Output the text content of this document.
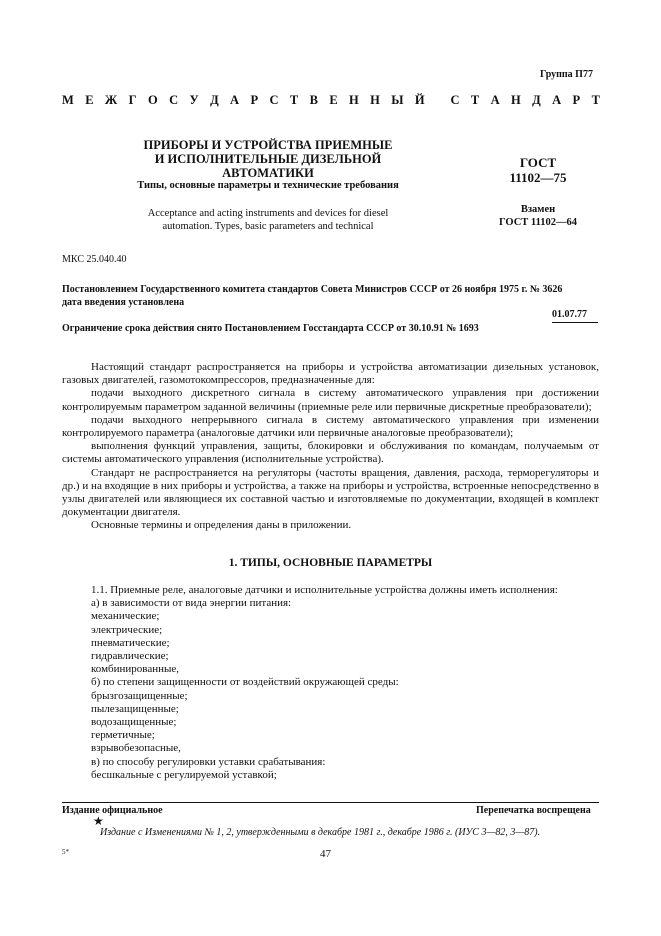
Группа П77
М Е Ж Г О С У Д А Р С Т В Е Н Н Ы Й
С Т А Н Д А Р Т
ПРИБОРЫ И УСТРОЙСТВА ПРИЕМНЫЕ
И ИСПОЛНИТЕЛЬНЫЕ ДИЗЕЛЬНОЙ АВТОМАТИКИ
Типы, основные параметры и технические требования
Acceptance and acting instruments and devices for diesel
automation. Types, basic parameters and technical
ГОСТ
11102—75
Взамен
ГОСТ 11102—64
МКС 25.040.40
Постановлением Государственного комитета стандартов Совета Министров СССР от 26 ноября 1975 г. № 3626
дата введения установлена
01.07.77
Ограничение срока действия снято Постановлением Госстандарта СССР от 30.10.91 № 1693

Настоящий стандарт распространяется на приборы и устройства автоматизации дизельных установок, газовых двигателей, газомотокомпрессоров, предназначенные для:

подачи выходного дискретного сигнала в систему автоматического управления при достижении контролируемым параметром заданной величины (приемные реле или первичные дискретные преобразователи);

подачи выходного непрерывного сигнала в систему автоматического управления при изменении контролируемого параметра (аналоговые датчики или первичные аналоговые преобразователи);

выполнения функций управления, защиты, блокировки и обслуживания по командам, получаемым от системы автоматического управления (исполнительные устройства).

Стандарт не распространяется на регуляторы (частоты вращения, давления, расхода, терморегуляторы и др.) и на входящие в них приборы и устройства, а также на приборы и устройства, встроенные непосредственно в узлы двигателей или являющиеся их составной частью и изготовляемые по документации, входящей в комплект документации двигателя.

Основные термины и определения даны в приложении.

1. ТИПЫ, ОСНОВНЫЕ ПАРАМЕТРЫ

1.1. Приемные реле, аналоговые датчики и исполнительные устройства должны иметь исполнения:

а) в зависимости от вида энергии питания:

механические;

электрические;

пневматические;

гидравлические;

комбинированные,

б) по степени защищенности от воздействий окружающей среды:

брызгозащищенные;

пылезащищенные;

водозащищенные;

герметичные;

взрывобезопасные,

в) по способу регулировки уставки срабатывания:

бесшкальные с регулируемой уставкой;

Издание официальное	Перепечатка воспрещена
★
Издание с Изменениями № 1, 2, утвержденными в декабре 1981 г., декабре 1986 г. (ИУС 3—82, 3—87).
5*	47
